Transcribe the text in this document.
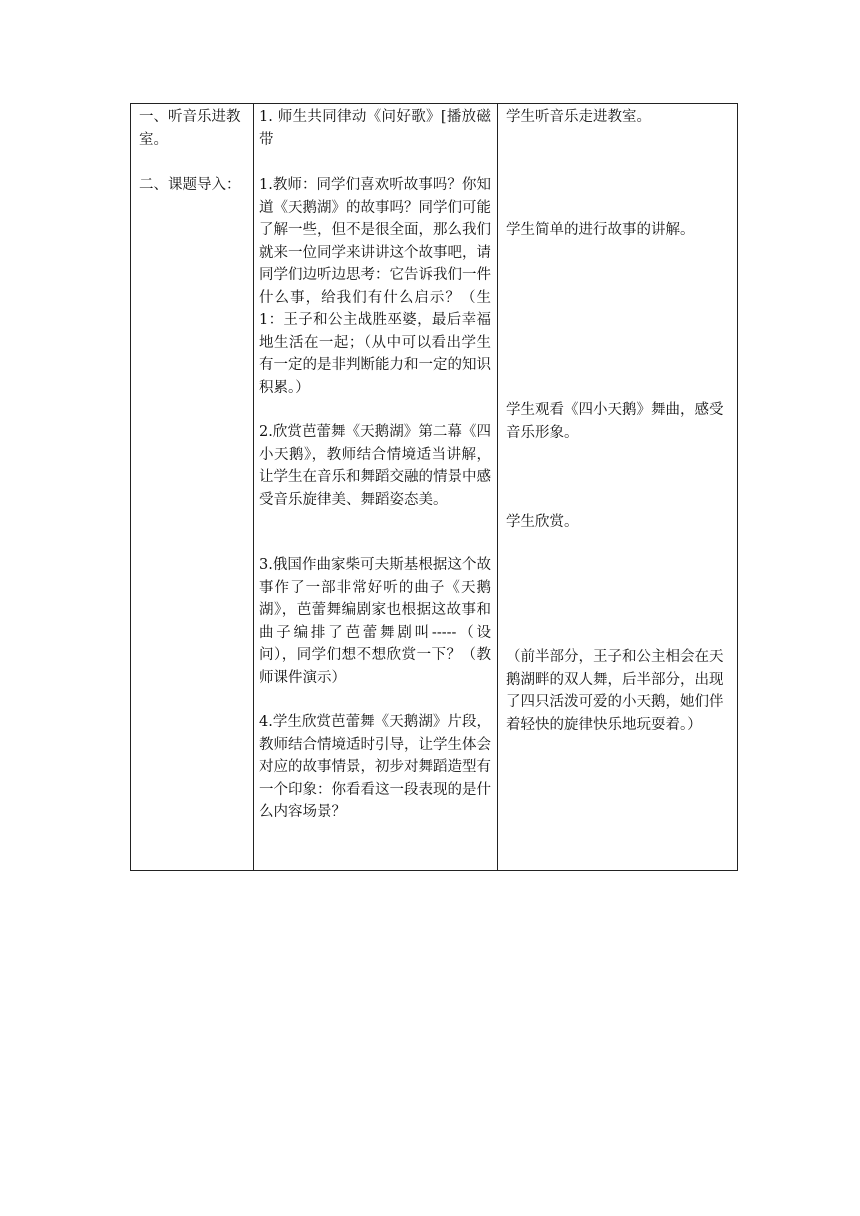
一、听音乐进教室。

二、课题导入：

1. 师生共同律动《问好歌》[播放磁带

1.教师：同学们喜欢听故事吗？你知道《天鹅湖》的故事吗？同学们可能了解一些，但不是很全面，那么我们就来一位同学来讲讲这个故事吧，请同学们边听边思考：它告诉我们一件什么事，给我们有什么启示？（生1：王子和公主战胜巫婆，最后幸福地生活在一起；（从中可以看出学生有一定的是非判断能力和一定的知识积累。）

2.欣赏芭蕾舞《天鹅湖》第二幕《四小天鹅》，教师结合情境适当讲解，让学生在音乐和舞蹈交融的情景中感受音乐旋律美、舞蹈姿态美。

3.俄国作曲家柴可夫斯基根据这个故事作了一部非常好听的曲子《天鹅湖》，芭蕾舞编剧家也根据这故事和曲子编排了芭蕾舞剧叫-----（设问），同学们想不想欣赏一下？（教师课件演示）

4.学生欣赏芭蕾舞《天鹅湖》片段，教师结合情境适时引导，让学生体会对应的故事情景，初步对舞蹈造型有一个印象：你看看这一段表现的是什么内容场景？

学生听音乐走进教室。

学生简单的进行故事的讲解。

学生观看《四小天鹅》舞曲，感受音乐形象。

学生欣赏。

（前半部分，王子和公主相会在天鹅湖畔的双人舞，后半部分，出现了四只活泼可爱的小天鹅，她们伴着轻快的旋律快乐地玩耍着。）
